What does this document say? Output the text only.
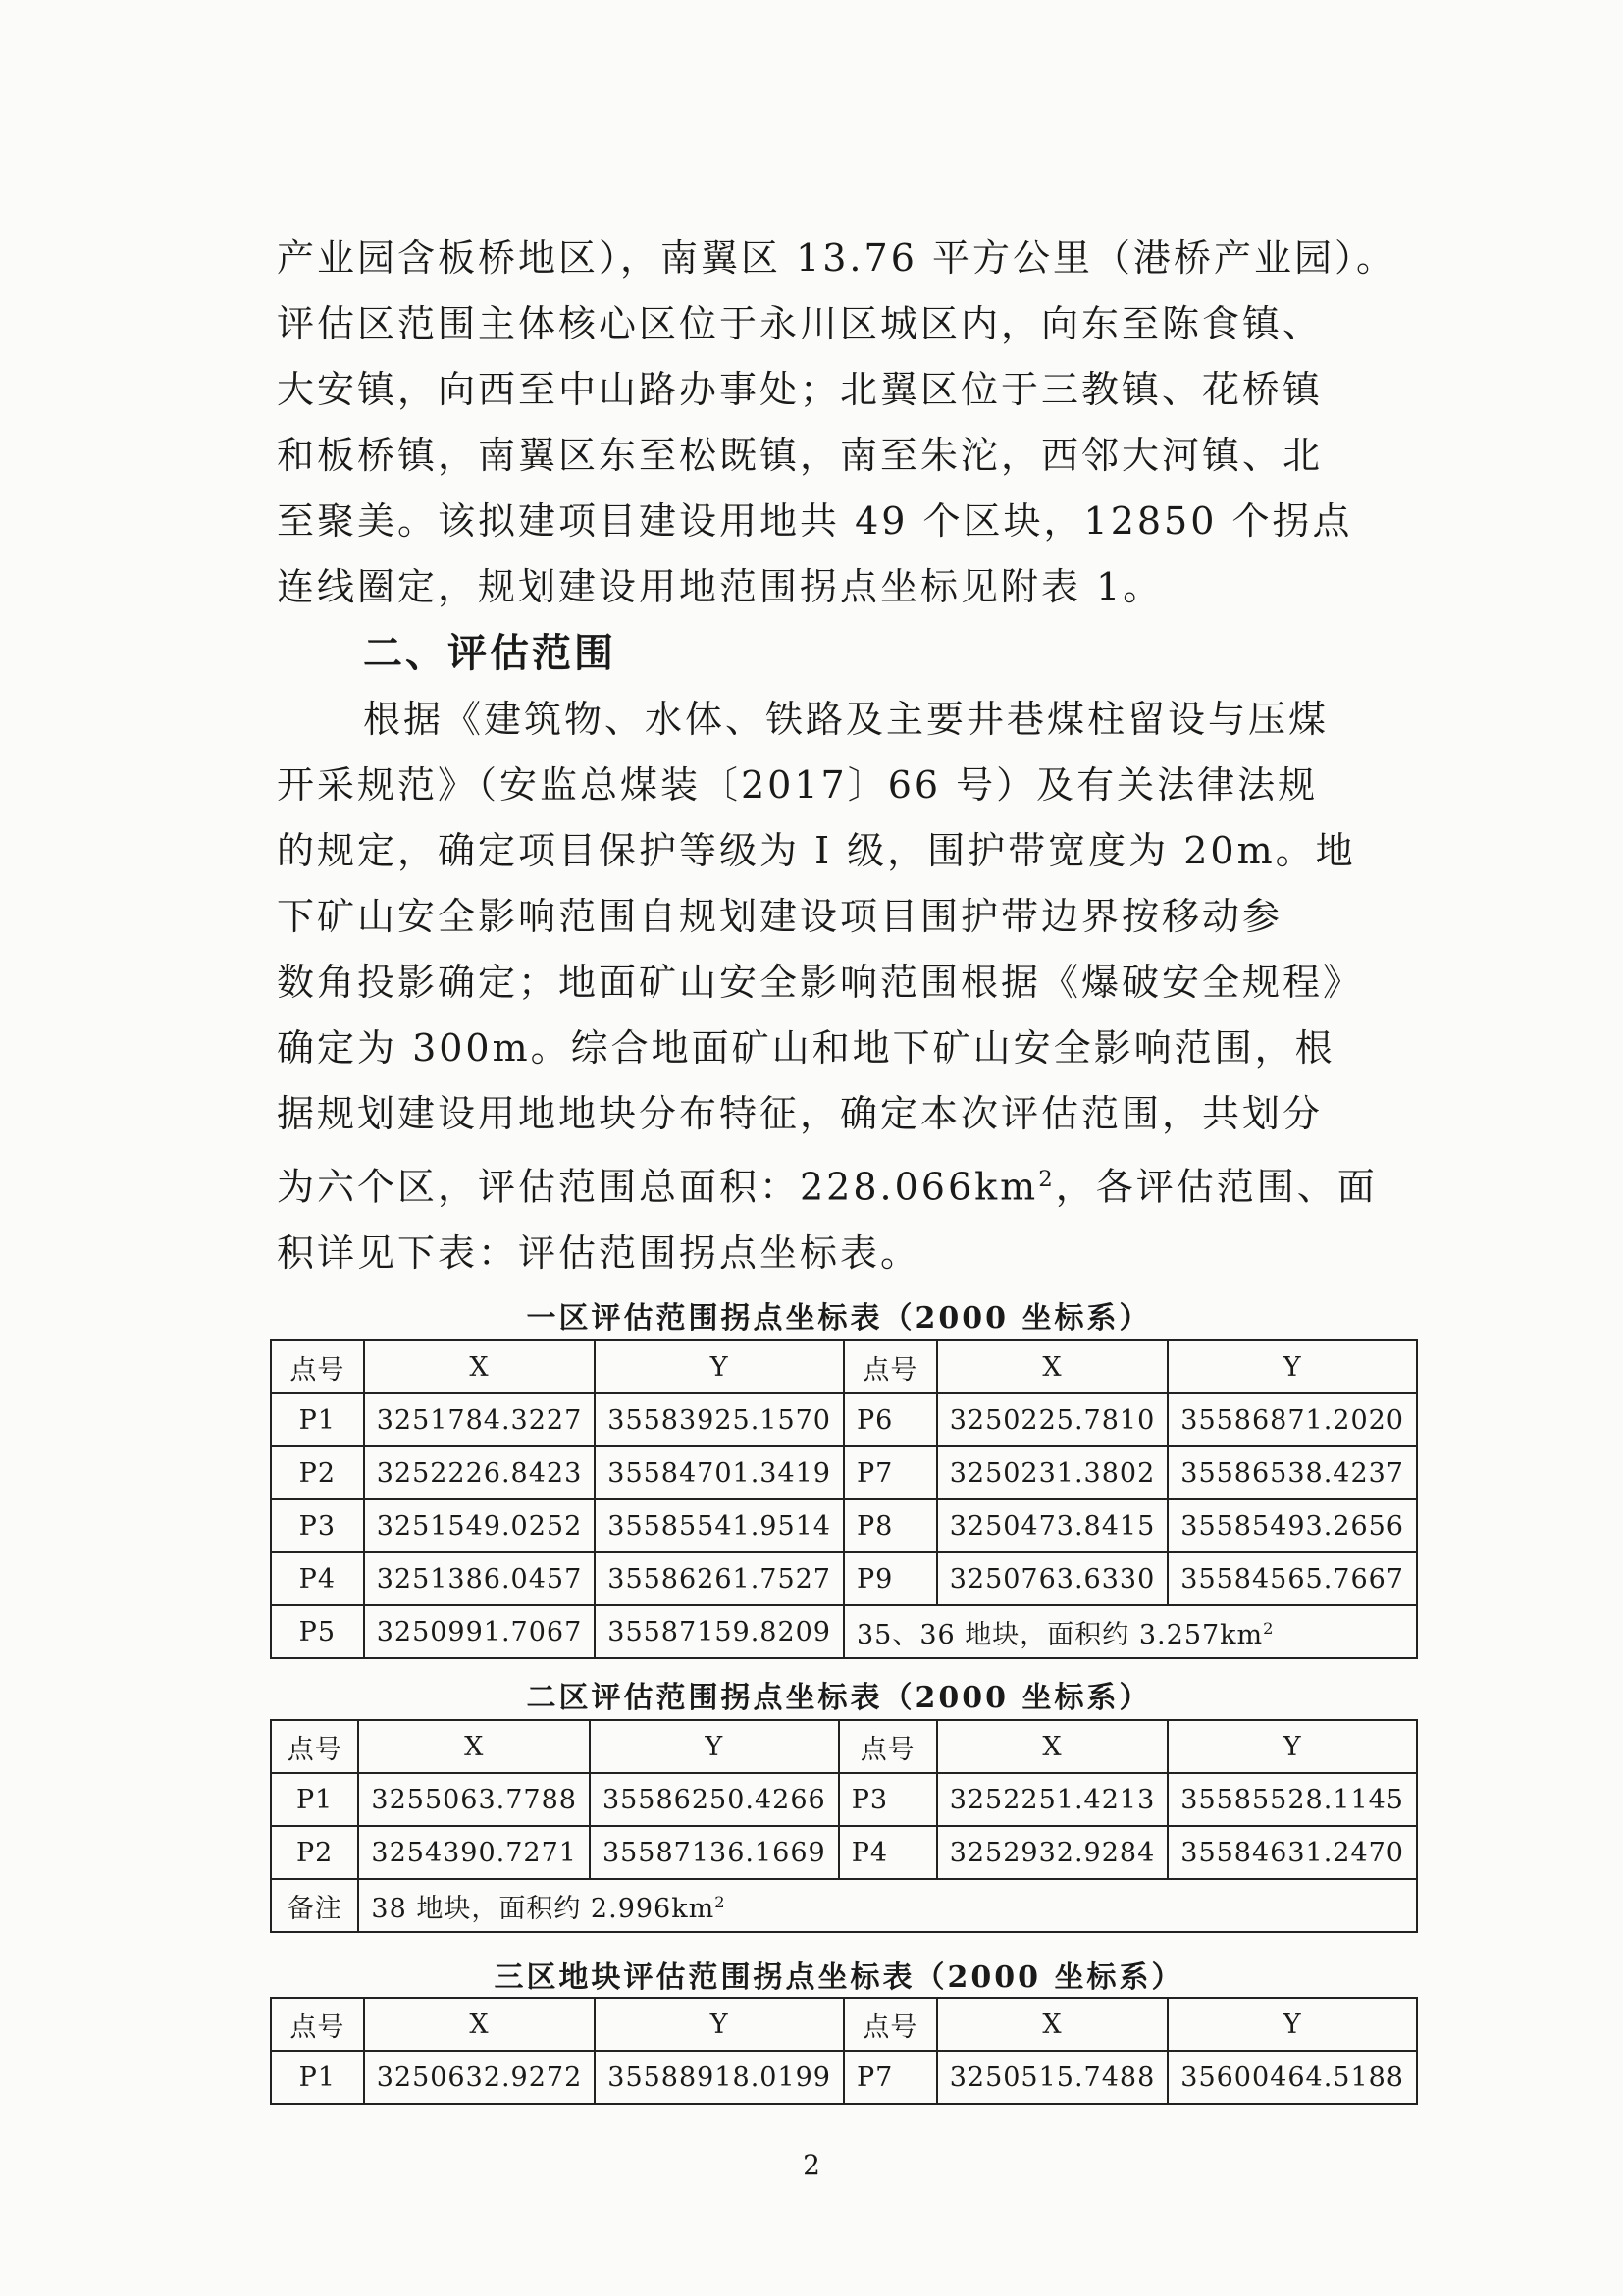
产业园含板桥地区），南翼区 13.76 平方公里（港桥产业园）。
评估区范围主体核心区位于永川区城区内，向东至陈食镇、
大安镇，向西至中山路办事处；北翼区位于三教镇、花桥镇
和板桥镇，南翼区东至松既镇，南至朱沱，西邻大河镇、北
至聚美。该拟建项目建设用地共 49 个区块，12850 个拐点
连线圈定，规划建设用地范围拐点坐标见附表 1。
二、评估范围
根据《建筑物、水体、铁路及主要井巷煤柱留设与压煤
开采规范》（安监总煤装〔2017〕66 号）及有关法律法规
的规定，确定项目保护等级为 I 级，围护带宽度为 20m。地
下矿山安全影响范围自规划建设项目围护带边界按移动参
数角投影确定；地面矿山安全影响范围根据《爆破安全规程》
确定为 300m。综合地面矿山和地下矿山安全影响范围，根
据规划建设用地地块分布特征，确定本次评估范围，共划分
为六个区，评估范围总面积：$228.066km^2$，各评估范围、面
积详见下表：评估范围拐点坐标表。
一区评估范围拐点坐标表（2000 坐标系）
点号	X	Y	点号	X	Y
P1	3251784.3227	35583925.1570	P6	3250225.7810	35586871.2020
P2	3252226.8423	35584701.3419	P7	3250231.3802	35586538.4237
P3	3251549.0252	35585541.9514	P8	3250473.8415	35585493.2656
P4	3251386.0457	35586261.7527	P9	3250763.6330	35584565.7667
P5	3250991.7067	35587159.8209	35、36 地块，面积约 $3.257km^2$
二区评估范围拐点坐标表（2000 坐标系）
点号	X	Y	点号	X	Y
P1	3255063.7788	35586250.4266	P3	3252251.4213	35585528.1145
P2	3254390.7271	35587136.1669	P4	3252932.9284	35584631.2470
备注	38 地块，面积约 $2.996km^2$
三区地块评估范围拐点坐标表（2000 坐标系）
点号	X	Y	点号	X	Y
P1	3250632.9272	35588918.0199	P7	3250515.7488	35600464.5188
2
